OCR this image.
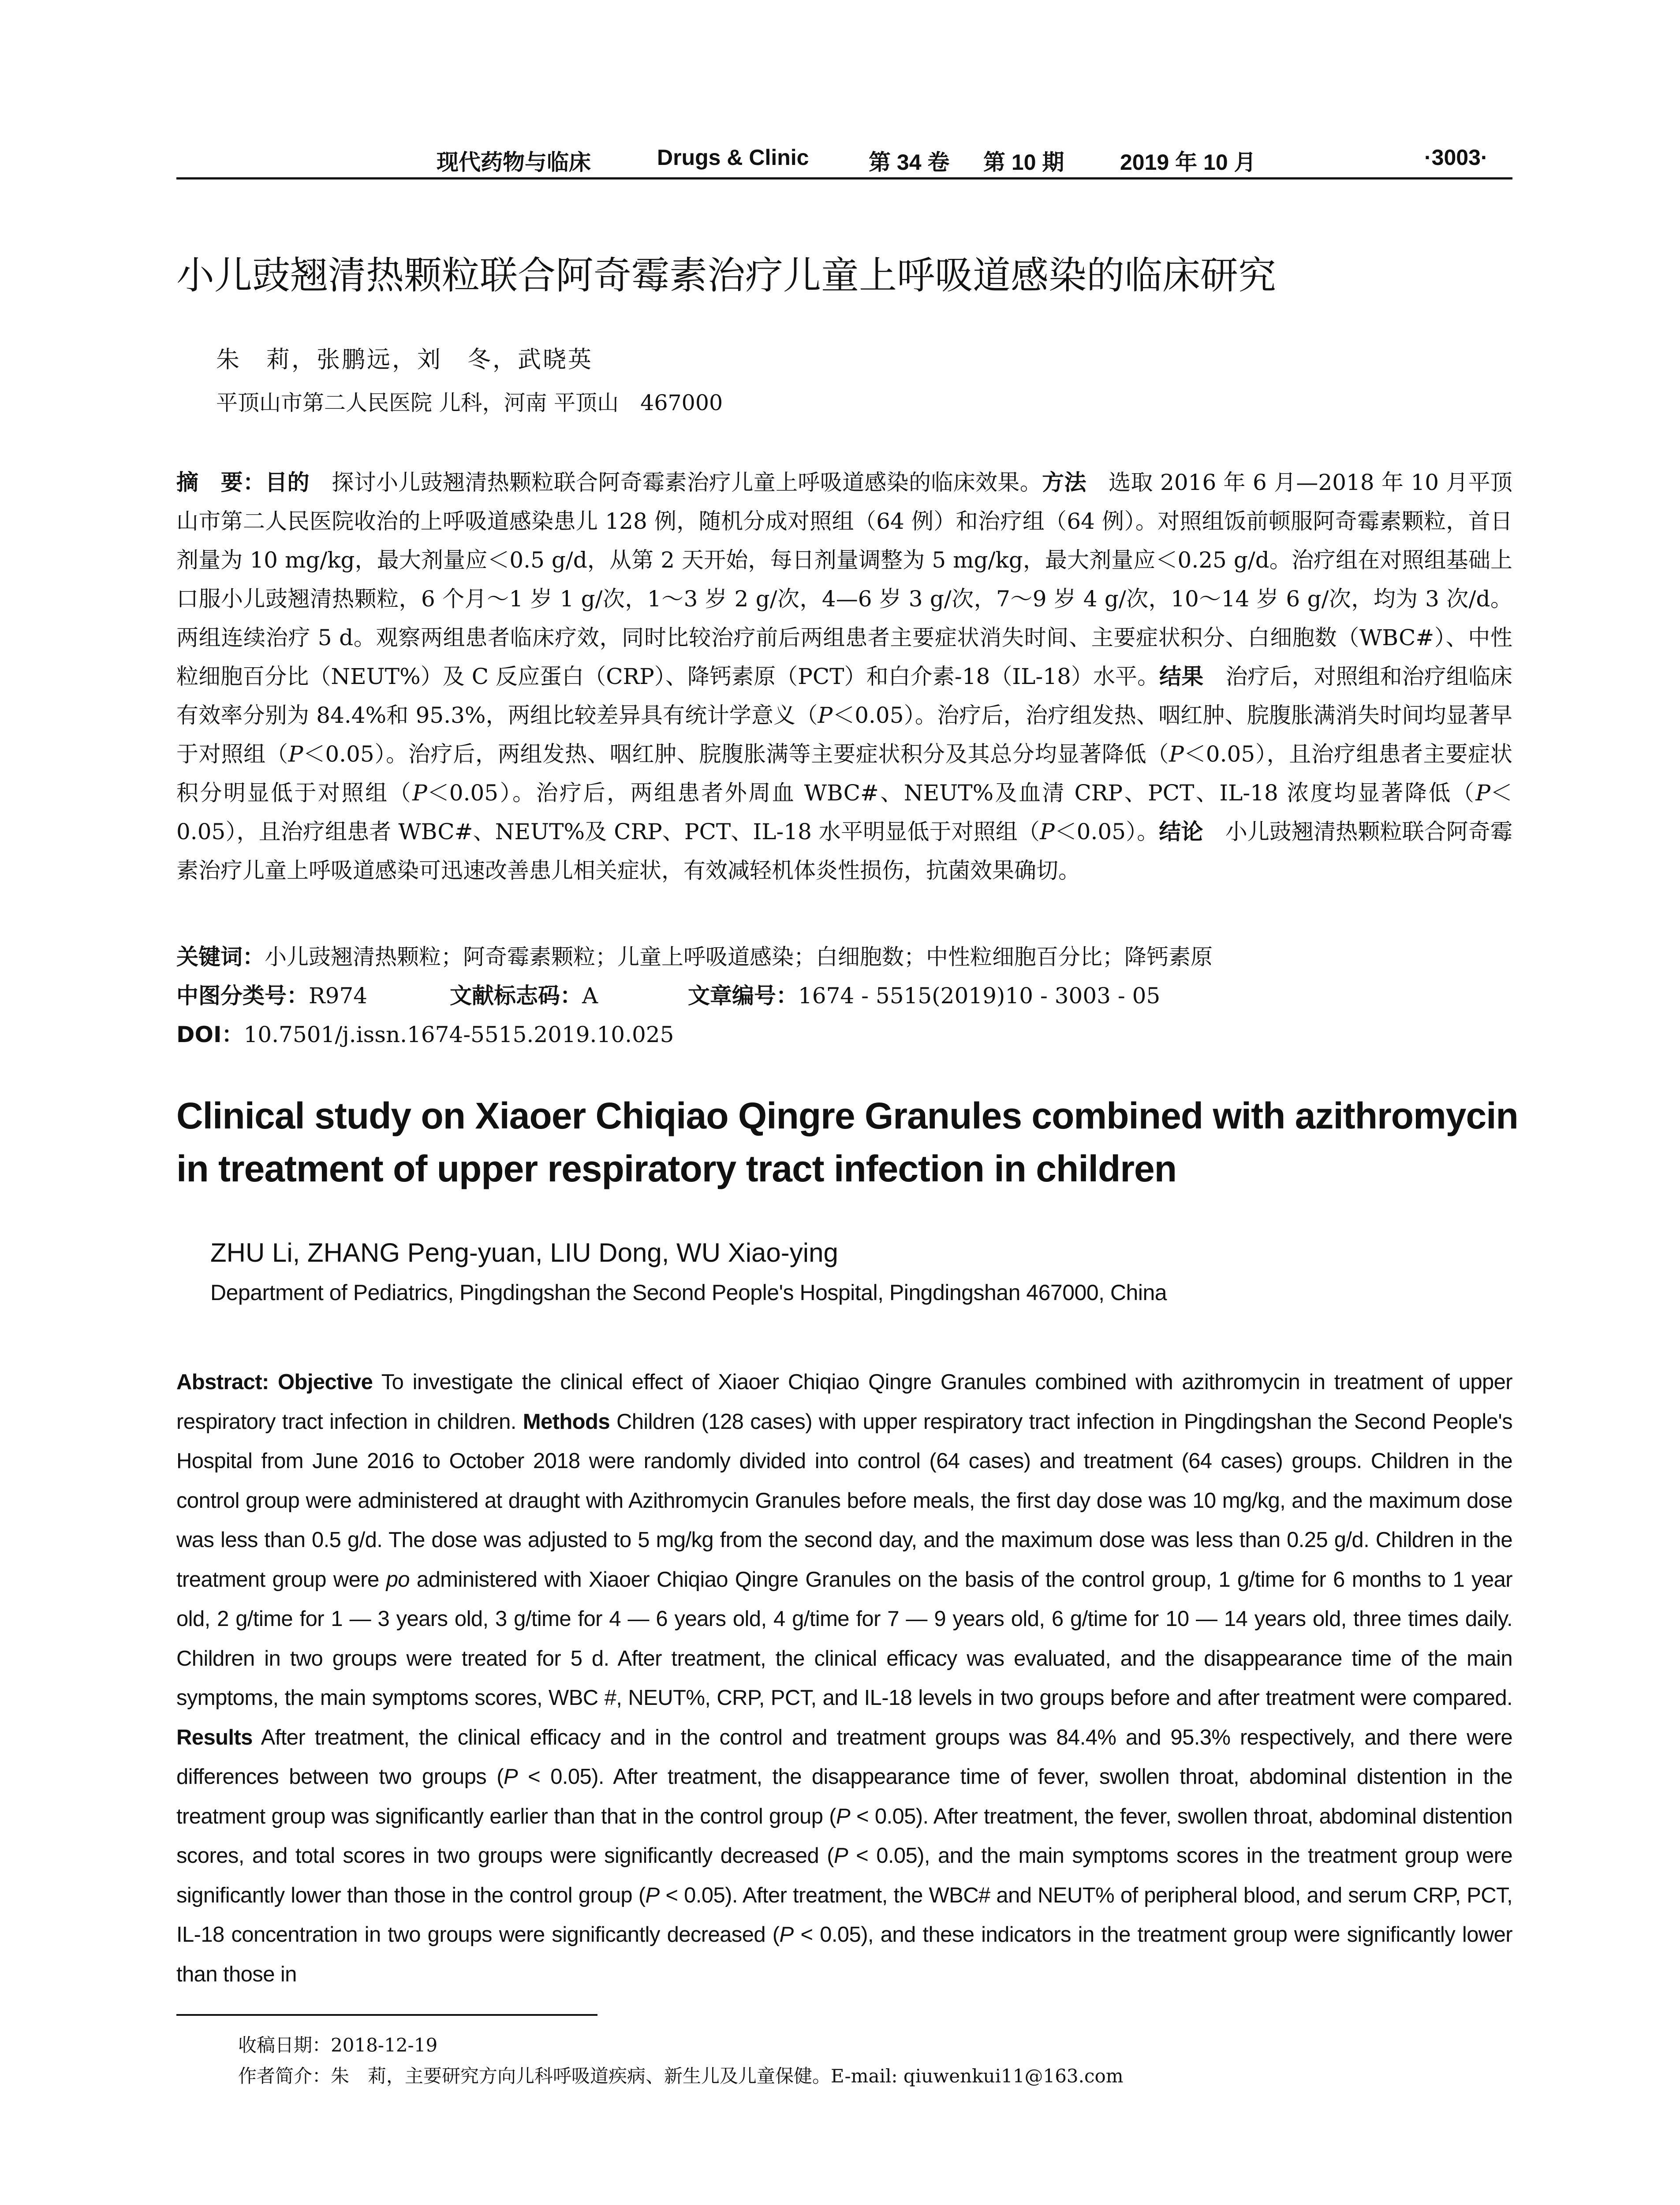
现代药物与临床	Drugs & Clinic	第 34 卷 第 10 期	2019 年 10 月	·3003·
小儿豉翘清热颗粒联合阿奇霉素治疗儿童上呼吸道感染的临床研究
朱　莉，张鹏远，刘　冬，武晓英
平顶山市第二人民医院 儿科，河南 平顶山　467000
摘　要：目的　探讨小儿豉翘清热颗粒联合阿奇霉素治疗儿童上呼吸道感染的临床效果。方法　选取 2016 年 6 月—2018 年 10 月平顶山市第二人民医院收治的上呼吸道感染患儿 128 例，随机分成对照组（64 例）和治疗组（64 例）。对照组饭前顿服阿奇霉素颗粒，首日剂量为 10 mg/kg，最大剂量应＜0.5 g/d，从第 2 天开始，每日剂量调整为 5 mg/kg，最大剂量应＜0.25 g/d。治疗组在对照组基础上口服小儿豉翘清热颗粒，6 个月～1 岁 1 g/次，1～3 岁 2 g/次，4—6 岁 3 g/次，7～9 岁 4 g/次，10～14 岁 6 g/次，均为 3 次/d。两组连续治疗 5 d。观察两组患者临床疗效，同时比较治疗前后两组患者主要症状消失时间、主要症状积分、白细胞数（WBC#）、中性粒细胞百分比（NEUT%）及 C 反应蛋白（CRP）、降钙素原（PCT）和白介素-18（IL-18）水平。结果　治疗后，对照组和治疗组临床有效率分别为 84.4%和 95.3%，两组比较差异具有统计学意义（P＜0.05）。治疗后，治疗组发热、咽红肿、脘腹胀满消失时间均显著早于对照组（P＜0.05）。治疗后，两组发热、咽红肿、脘腹胀满等主要症状积分及其总分均显著降低（P＜0.05），且治疗组患者主要症状积分明显低于对照组（P＜0.05）。治疗后，两组患者外周血 WBC#、NEUT%及血清 CRP、PCT、IL-18 浓度均显著降低（P＜0.05），且治疗组患者 WBC#、NEUT%及 CRP、PCT、IL-18 水平明显低于对照组（P＜0.05）。结论　小儿豉翘清热颗粒联合阿奇霉素治疗儿童上呼吸道感染可迅速改善患儿相关症状，有效减轻机体炎性损伤，抗菌效果确切。
关键词：小儿豉翘清热颗粒；阿奇霉素颗粒；儿童上呼吸道感染；白细胞数；中性粒细胞百分比；降钙素原
中图分类号：R974	文献标志码：A	文章编号：1674 - 5515(2019)10 - 3003 - 05
DOI：10.7501/j.issn.1674-5515.2019.10.025
Clinical study on Xiaoer Chiqiao Qingre Granules combined with azithromycin in treatment of upper respiratory tract infection in children
ZHU Li, ZHANG Peng-yuan, LIU Dong, WU Xiao-ying
Department of Pediatrics, Pingdingshan the Second People's Hospital, Pingdingshan 467000, China
Abstract: Objective To investigate the clinical effect of Xiaoer Chiqiao Qingre Granules combined with azithromycin in treatment of upper respiratory tract infection in children. Methods Children (128 cases) with upper respiratory tract infection in Pingdingshan the Second People's Hospital from June 2016 to October 2018 were randomly divided into control (64 cases) and treatment (64 cases) groups. Children in the control group were administered at draught with Azithromycin Granules before meals, the first day dose was 10 mg/kg, and the maximum dose was less than 0.5 g/d. The dose was adjusted to 5 mg/kg from the second day, and the maximum dose was less than 0.25 g/d. Children in the treatment group were po administered with Xiaoer Chiqiao Qingre Granules on the basis of the control group, 1 g/time for 6 months to 1 year old, 2 g/time for 1 — 3 years old, 3 g/time for 4 — 6 years old, 4 g/time for 7 — 9 years old, 6 g/time for 10 — 14 years old, three times daily. Children in two groups were treated for 5 d. After treatment, the clinical efficacy was evaluated, and the disappearance time of the main symptoms, the main symptoms scores, WBC #, NEUT%, CRP, PCT, and IL-18 levels in two groups before and after treatment were compared. Results After treatment, the clinical efficacy and in the control and treatment groups was 84.4% and 95.3% respectively, and there were differences between two groups (P < 0.05). After treatment, the disappearance time of fever, swollen throat, abdominal distention in the treatment group was significantly earlier than that in the control group (P < 0.05). After treatment, the fever, swollen throat, abdominal distention scores, and total scores in two groups were significantly decreased (P < 0.05), and the main symptoms scores in the treatment group were significantly lower than those in the control group (P < 0.05). After treatment, the WBC# and NEUT% of peripheral blood, and serum CRP, PCT, IL-18 concentration in two groups were significantly decreased (P < 0.05), and these indicators in the treatment group were significantly lower than those in
收稿日期：2018-12-19
作者简介：朱　莉，主要研究方向儿科呼吸道疾病、新生儿及儿童保健。E-mail: qiuwenkui11@163.com
